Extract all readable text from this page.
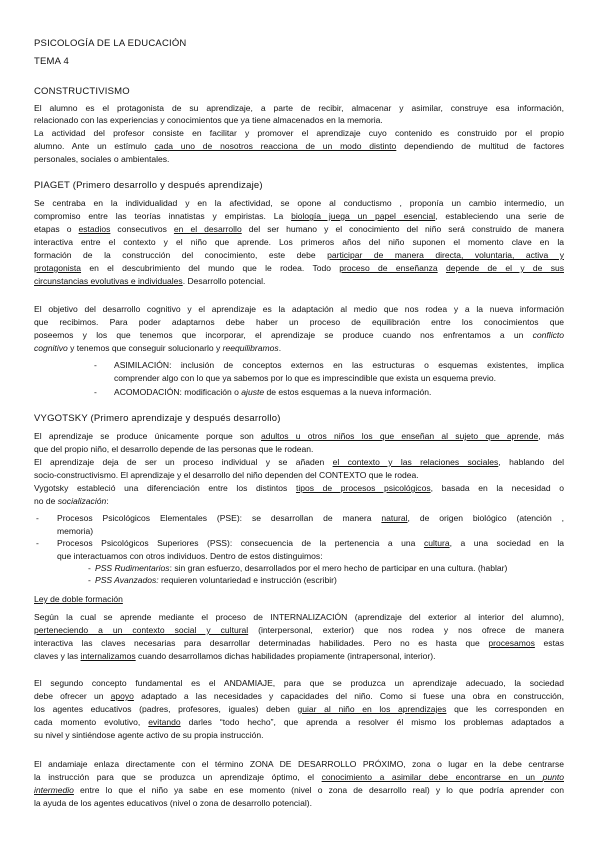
PSICOLOGÍA DE LA EDUCACIÓN
TEMA 4
CONSTRUCTIVISMO
El alumno es el protagonista de su aprendizaje, a parte de recibir, almacenar y asimilar, construye esa información,
relacionado con las experiencias y conocimientos que ya tiene almacenados en la memoria.
La actividad del profesor consiste en facilitar y promover el aprendizaje cuyo contenido es construido por el propio
alumno. Ante un estímulo cada uno de nosotros reacciona de un modo distinto dependiendo de multitud de factores
personales, sociales o ambientales.
PIAGET (Primero desarrollo y después aprendizaje)
Se centraba en la individualidad y en la afectividad, se opone al conductismo , proponía un cambio intermedio, un
compromiso entre las teorías innatistas y empiristas. La biología juega un papel esencial, estableciendo una serie de
etapas o estadios consecutivos en el desarrollo del ser humano y el conocimiento del niño será construido de manera
interactiva entre el contexto y el niño que aprende. Los primeros años del niño suponen el momento clave en la
formación de la construcción del conocimiento, este debe participar de manera directa, voluntaria, activa y
protagonista en el descubrimiento del mundo que le rodea. Todo proceso de enseñanza depende de el y de sus
circunstancias evolutivas e individuales. Desarrollo potencial.
El objetivo del desarrollo cognitivo y el aprendizaje es la adaptación al medio que nos rodea y a la nueva información
que recibimos. Para poder adaptarnos debe haber un proceso de equilibración entre los conocimientos que
poseemos y los que tenemos que incorporar, el aprendizaje se produce cuando nos enfrentamos a un conflicto
cognitivo y tenemos que conseguir solucionarlo y reequilibramos.
- ASIMILACIÓN: inclusión de conceptos externos en las estructuras o esquemas existentes, implica
comprender algo con lo que ya sabemos por lo que es imprescindible que exista un esquema previo.
- ACOMODACIÓN: modificación o ajuste de estos esquemas a la nueva información.
VYGOTSKY (Primero aprendizaje y después desarrollo)
El aprendizaje se produce únicamente porque son adultos u otros niños los que enseñan al sujeto que aprende, más
que del propio niño, el desarrollo depende de las personas que le rodean.
El aprendizaje deja de ser un proceso individual y se añaden el contexto y las relaciones sociales, hablando del
socio-constructivismo. El aprendizaje y el desarrollo del niño dependen del CONTEXTO que le rodea.
Vygotsky estableció una diferenciación entre los distintos tipos de procesos psicológicos, basada en la necesidad o
no de socialización:
- Procesos Psicológicos Elementales (PSE): se desarrollan de manera natural, de origen biológico (atención ,
memoria)
- Procesos Psicológicos Superiores (PSS): consecuencia de la pertenencia a una cultura, a una sociedad en la
que interactuamos con otros individuos. Dentro de estos distinguimos:
- PSS Rudimentarios: sin gran esfuerzo, desarrollados por el mero hecho de participar en una cultura. (hablar)
- PSS Avanzados: requieren voluntariedad e instrucción (escribir)
Ley de doble formación
Según la cual se aprende mediante el proceso de INTERNALIZACIÓN (aprendizaje del exterior al interior del alumno),
perteneciendo a un contexto social y cultural (interpersonal, exterior) que nos rodea y nos ofrece de manera
interactiva las claves necesarias para desarrollar determinadas habilidades. Pero no es hasta que procesamos estas
claves y las internalizamos cuando desarrollamos dichas habilidades propiamente (intrapersonal, interior).
El segundo concepto fundamental es el ANDAMIAJE, para que se produzca un aprendizaje adecuado, la sociedad
debe ofrecer un apoyo adaptado a las necesidades y capacidades del niño. Como si fuese una obra en construcción,
los agentes educativos (padres, profesores, iguales) deben guiar al niño en los aprendizajes que les corresponden en
cada momento evolutivo, evitando darles “todo hecho”, que aprenda a resolver él mismo los problemas adaptados a
su nivel y sintiéndose agente activo de su propia instrucción.
El andamiaje enlaza directamente con el término ZONA DE DESARROLLO PRÓXIMO, zona o lugar en la debe centrarse
la instrucción para que se produzca un aprendizaje óptimo, el conocimiento a asimilar debe encontrarse en un punto
intermedio entre lo que el niño ya sabe en ese momento (nivel o zona de desarrollo real) y lo que podría aprender con
la ayuda de los agentes educativos (nivel o zona de desarrollo potencial).
